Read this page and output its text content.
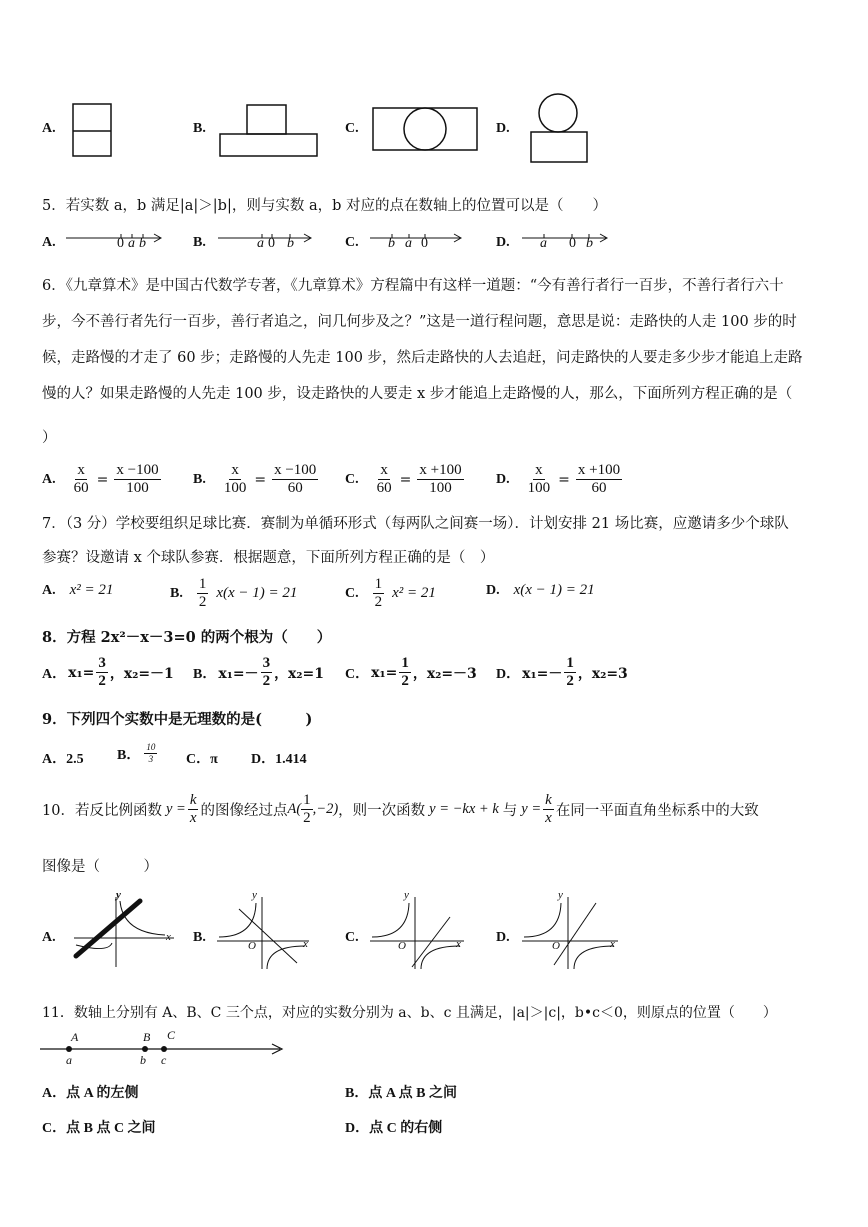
A.	B.	C.	D.
5．若实数 a，b 满足|a|＞|b|，则与实数 a，b 对应的点在数轴上的位置可以是（　　）
A.	0 a b	B.	a 0 b	C. b a 0	D. a 0 b
6．《九章算术》是中国古代数学专著，《九章算术》方程篇中有这样一道题：“今有善行者行一百步，不善行者行六十
步，今不善行者先行一百步，善行者追之，问几何步及之？”这是一道行程问题，意思是说：走路快的人走 100 步的时
候，走路慢的才走了 60 步；走路慢的人先走 100 步，然后走路快的人去追赶，问走路快的人要走多少步才能追上走路
慢的人？如果走路慢的人先走 100 步，设走路快的人要走 x 步才能追上走路慢的人，那么，下面所列方程正确的是（
）
A. $\frac{x}{60} = \frac{x -100}{100} B$. $\frac{x}{100} = \frac{x -100}{60} C$. $\frac{x}{60} = \frac{x +100}{100} D$. $\frac{x}{100} = \frac{x +100}{60}$
7．（3 分）学校要组织足球比赛．赛制为单循环形式（每两队之间赛一场）．计划安排 21 场比赛，应邀请多少个球队
参赛？设邀请 x 个球队参赛．根据题意，下面所列方程正确的是（　）
A. x² = 21	B. $\frac{1}{2} x(x - 1) = 21$	C. $\frac{1}{2} x^2 = 21$	D. x(x − 1) = 21
8．方程 2x²－x－3=0 的两个根为（　　）
A． $x_1= \frac{3}{2}$ ，x₂=－1 B． $x_1=- \frac{3}{2}$ ，x₂=1 C． $x_1= \frac{1}{2}$ ，x₂=－3 D． $x_1=- \frac{1}{2}$ ，x₂=3
9．下列四个实数中是无理数的是(　　　)
A．2.5 B． $\frac{10}{3}$ C．π D．1.414
10．若反比例函数 $y = \frac{k}{x}$ 的图像经过点 $A( \frac{1}{2} ,-2)$ ，则一次函数 y = −kx + k 与 $y = \frac{k}{x}$ 在同一平面直角坐标系中的大致
图像是（　　　）
A.
y
x B.
y
x
O
C.
y
x
O
D.
y
x
O
11．数轴上分别有 A、B、C 三个点，对应的实数分别为 a、b、c 且满足，|a|＞|c|，b•c＜0，则原点的位置（　　）
A	B C
a	b c
A．点 A 的左侧	B．点 A 点 B 之间
C．点 B 点 C 之间	D．点 C 的右侧
